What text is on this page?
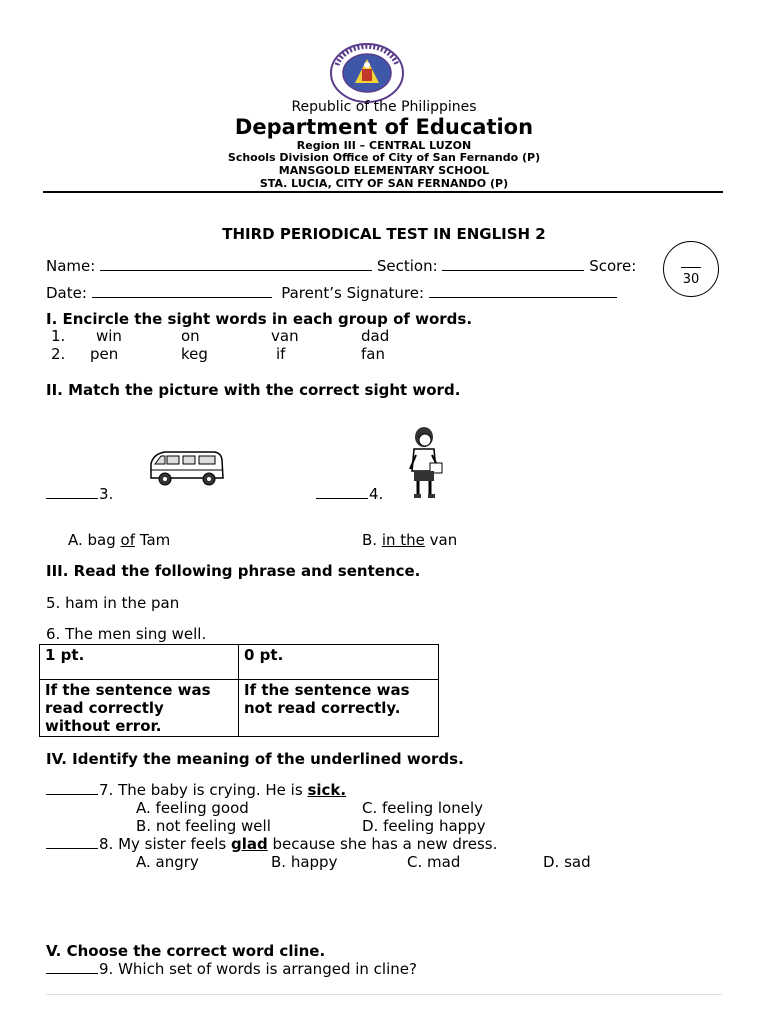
Republic of the Philippines
Department of Education
Region III – CENTRAL LUZON
Schools Division Office of City of San Fernando (P)
MANSGOLD ELEMENTARY SCHOOL
STA. LUCIA, CITY OF SAN FERNANDO (P)
THIRD PERIODICAL TEST IN ENGLISH 2
Name:	Section:	Score:
30
Date:	Parent’s Signature:
I. Encircle the sight words in each group of words.
1. win	on	van	dad
2. pen	keg	if	fan
II. Match the picture with the correct sight word.
3.	4.
A. bag of Tam	B. in the van
III. Read the following phrase and sentence.
5. ham in the pan
6. The men sing well.
1 pt.	0 pt.
If the sentence was read correctly without error.	If the sentence was not read correctly.
IV. Identify the meaning of the underlined words.
7. The baby is crying. He is sick.
A. feeling good	C. feeling lonely
B. not feeling well	D. feeling happy
8. My sister feels glad because she has a new dress.
A. angry	B. happy	C. mad	D. sad
V. Choose the correct word cline.
9. Which set of words is arranged in cline?
